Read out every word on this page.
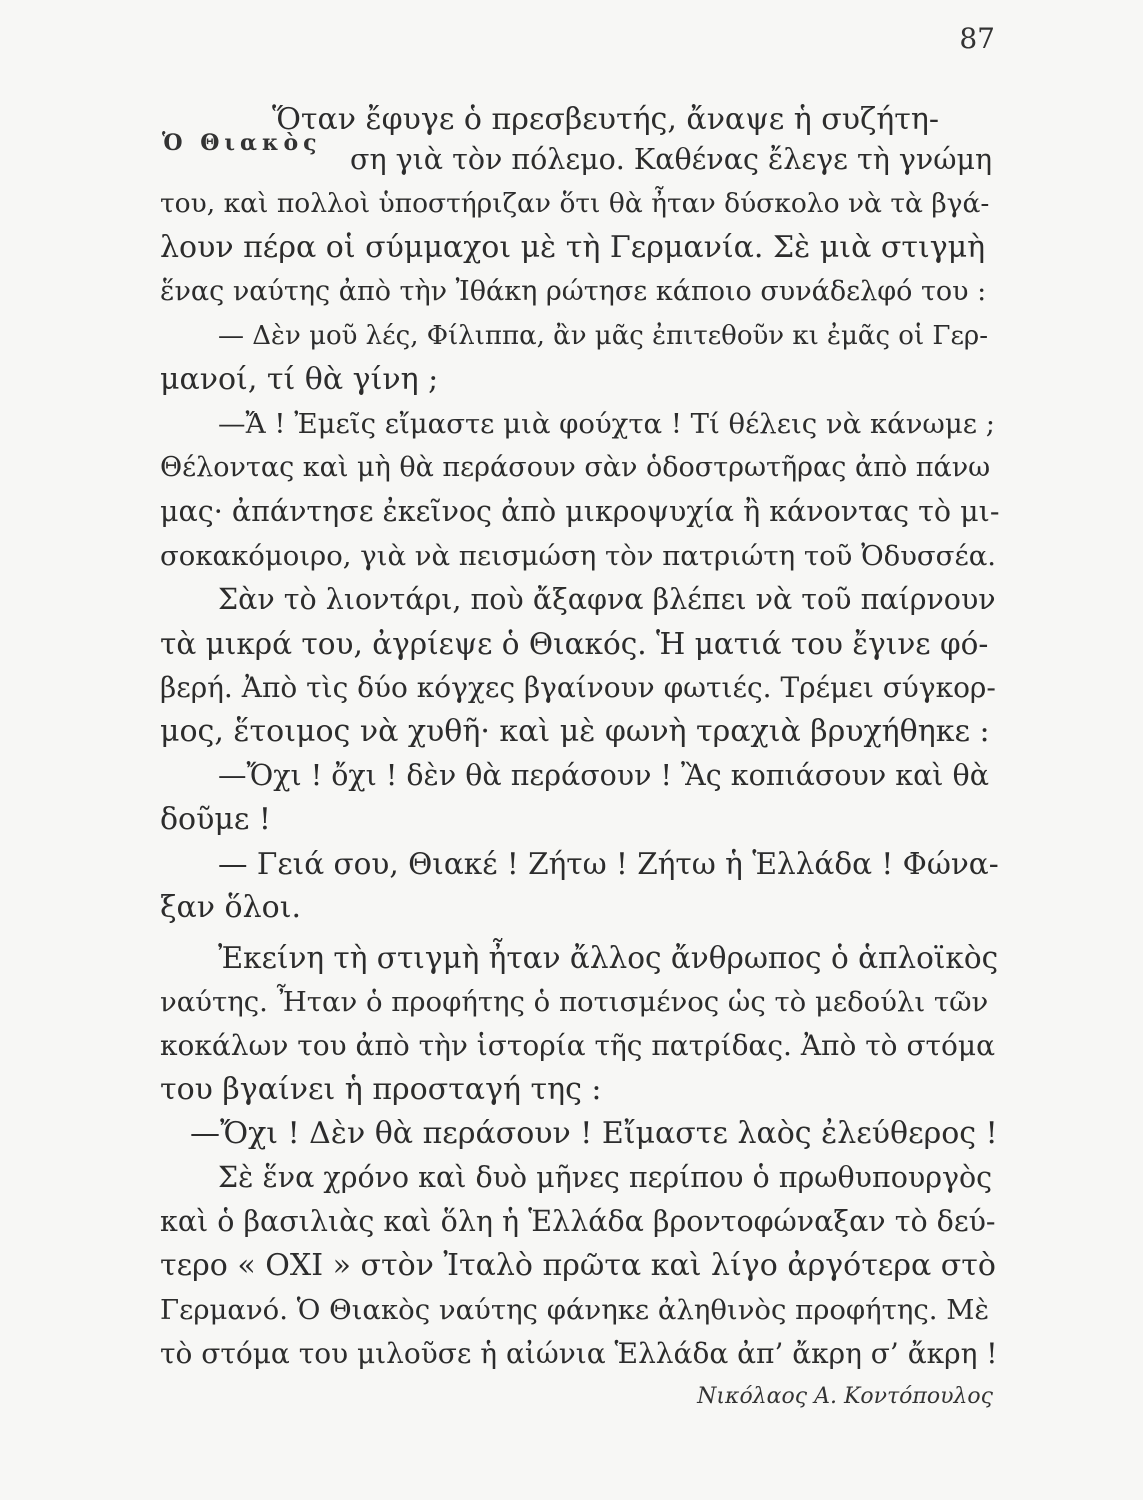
87
Ὁ Θιακὸς
Ὅταν ἔφυγε ὁ πρεσβευτής, ἄναψε ἡ συζήτη-
ση γιὰ τὸν πόλεμο. Καθένας ἔλεγε τὴ γνώμη
του, καὶ πολλοὶ ὑποστήριζαν ὅτι θὰ ἦταν δύσκολο νὰ τὰ βγά-
λουν πέρα οἱ σύμμαχοι μὲ τὴ Γερμανία. Σὲ μιὰ στιγμὴ
ἕνας ναύτης ἀπὸ τὴν Ἰθάκη ρώτησε κάποιο συνάδελφό του :
— Δὲν μοῦ λές, Φίλιππα, ἂν μᾶς ἐπιτεθοῦν κι ἐμᾶς οἱ Γερ-
μανοί, τί θὰ γίνη ;
—Ἄ ! Ἐμεῖς εἴμαστε μιὰ φούχτα ! Τί θέλεις νὰ κάνωμε ;
Θέλοντας καὶ μὴ θὰ περάσουν σὰν ὁδοστρωτῆρας ἀπὸ πάνω
μας· ἀπάντησε ἐκεῖνος ἀπὸ μικροψυχία ἢ κάνοντας τὸ μι-
σοκακόμοιρο, γιὰ νὰ πεισμώση τὸν πατριώτη τοῦ Ὀδυσσέα.
Σὰν τὸ λιοντάρι, ποὺ ἄξαφνα βλέπει νὰ τοῦ παίρνουν
τὰ μικρά του, ἀγρίεψε ὁ Θιακός. Ἡ ματιά του ἔγινε φό-
βερή. Ἀπὸ τὶς δύο κόγχες βγαίνουν φωτιές. Τρέμει σύγκορ-
μος, ἕτοιμος νὰ χυθῆ· καὶ μὲ φωνὴ τραχιὰ βρυχήθηκε :
—Ὄχι ! ὄχι ! δὲν θὰ περάσουν ! Ἂς κοπιάσουν καὶ θὰ
δοῦμε !
— Γειά σου, Θιακέ ! Ζήτω ! Ζήτω ἡ Ἑλλάδα ! Φώνα-
ξαν ὅλοι.
Ἐκείνη τὴ στιγμὴ ἦταν ἄλλος ἄνθρωπος ὁ ἁπλοϊκὸς
ναύτης. Ἦταν ὁ προφήτης ὁ ποτισμένος ὡς τὸ μεδούλι τῶν
κοκάλων του ἀπὸ τὴν ἱστορία τῆς πατρίδας. Ἀπὸ τὸ στόμα
του βγαίνει ἡ προσταγή της :
—Ὄχι ! Δὲν θὰ περάσουν ! Εἴμαστε λαὸς ἐλεύθερος !
Σὲ ἕνα χρόνο καὶ δυὸ μῆνες περίπου ὁ πρωθυπουργὸς
καὶ ὁ βασιλιὰς καὶ ὅλη ἡ Ἑλλάδα βροντοφώναξαν τὸ δεύ-
τερο « ΟΧΙ » στὸν Ἰταλὸ πρῶτα καὶ λίγο ἀργότερα στὸ
Γερμανό. Ὁ Θιακὸς ναύτης φάνηκε ἀληθινὸς προφήτης. Μὲ
τὸ στόμα του μιλοῦσε ἡ αἰώνια Ἑλλάδα ἀπ’ ἄκρη σ’ ἄκρη !
Νικόλαος Α. Κοντόπουλος
